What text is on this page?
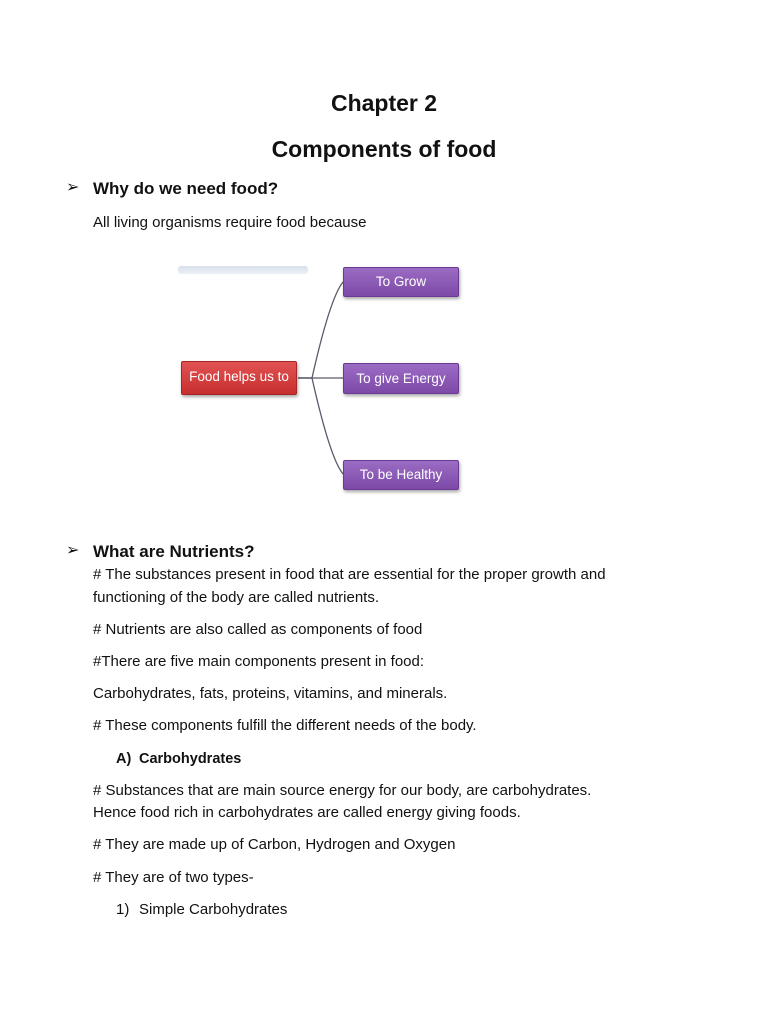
Chapter 2
Components of food
➢ Why do we need food?
All living organisms require food because
Food helps us to
To Grow
To give Energy
To be Healthy
➢ What are Nutrients?
# The substances present in food that are essential for the proper growth and
functioning of the body are called nutrients.
# Nutrients are also called as components of food
#There are five main components present in food:
Carbohydrates, fats, proteins, vitamins, and minerals.
# These components fulfill the different needs of the body.
A) Carbohydrates
# Substances that are main source energy for our body, are carbohydrates.
Hence food rich in carbohydrates are called energy giving foods.
# They are made up of Carbon, Hydrogen and Oxygen
# They are of two types-
1) Simple Carbohydrates
